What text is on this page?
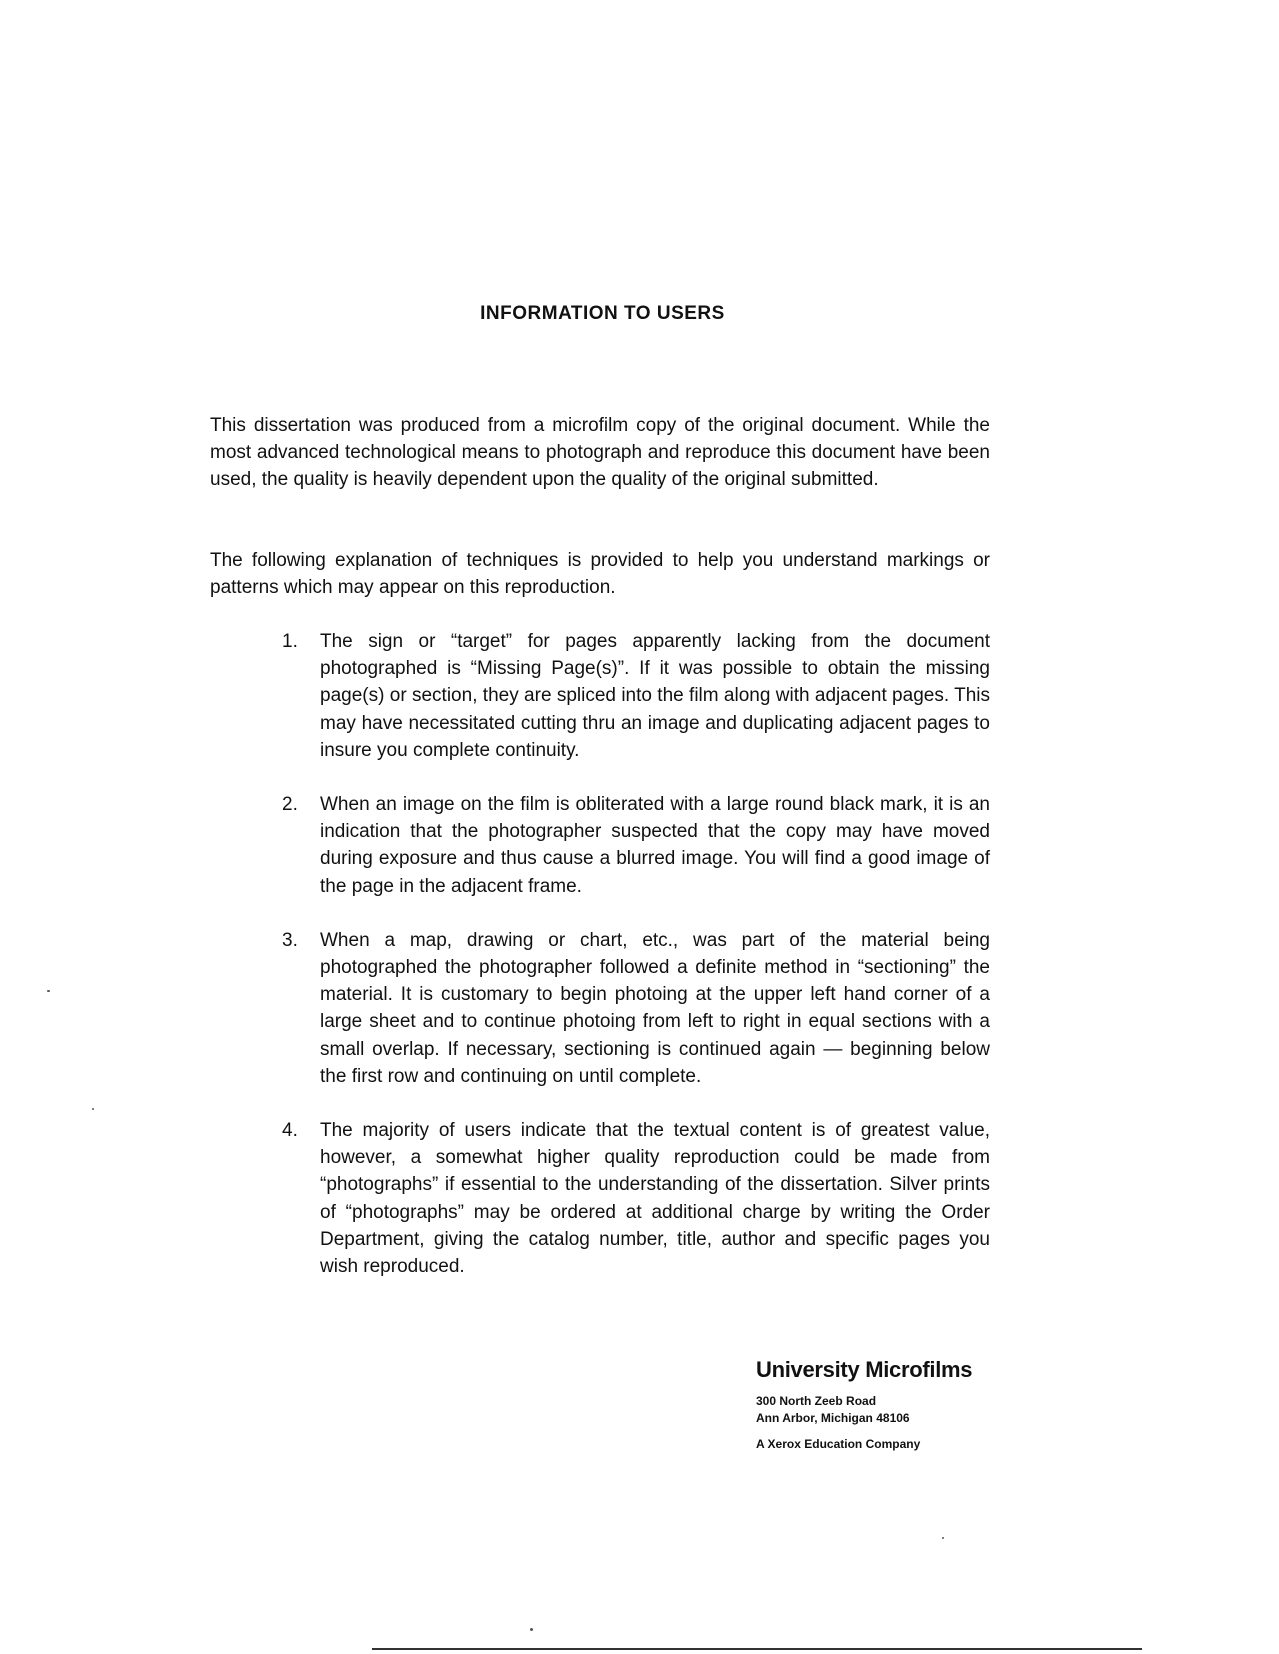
INFORMATION TO USERS

This dissertation was produced from a microfilm copy of the original document. While the most advanced technological means to photograph and reproduce this document have been used, the quality is heavily dependent upon the quality of the original submitted.

The following explanation of techniques is provided to help you understand markings or patterns which may appear on this reproduction.

1.	The sign or “target” for pages apparently lacking from the document photographed is “Missing Page(s)”. If it was possible to obtain the missing page(s) or section, they are spliced into the film along with adjacent pages. This may have necessitated cutting thru an image and duplicating adjacent pages to insure you complete continuity.
2.	When an image on the film is obliterated with a large round black mark, it is an indication that the photographer suspected that the copy may have moved during exposure and thus cause a blurred image. You will find a good image of the page in the adjacent frame.
3.	When a map, drawing or chart, etc., was part of the material being photographed the photographer followed a definite method in “sectioning” the material. It is customary to begin photoing at the upper left hand corner of a large sheet and to continue photoing from left to right in equal sections with a small overlap. If necessary, sectioning is continued again — beginning below the first row and continuing on until complete.
4.	The majority of users indicate that the textual content is of greatest value, however, a somewhat higher quality reproduction could be made from “photographs” if essential to the understanding of the dissertation. Silver prints of “photographs” may be ordered at additional charge by writing the Order Department, giving the catalog number, title, author and specific pages you wish reproduced.
University Microfilms
300 North Zeeb Road
Ann Arbor, Michigan 48106
A Xerox Education Company
